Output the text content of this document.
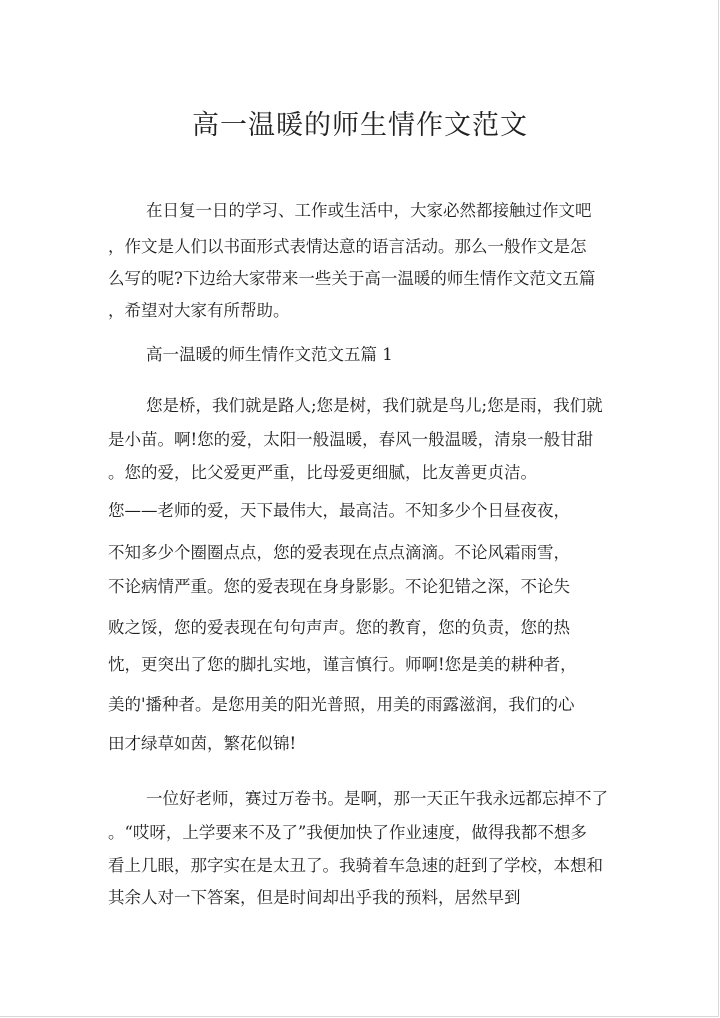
高一温暖的师生情作文范文
在日复一日的学习、工作或生活中，大家必然都接触过作文吧
，作文是人们以书面形式表情达意的语言活动。那么一般作文是怎
么写的呢?下边给大家带来一些关于高一温暖的师生情作文范文五篇
，希望对大家有所帮助。
高一温暖的师生情作文范文五篇 1
您是桥，我们就是路人;您是树，我们就是鸟儿;您是雨，我们就
是小苗。啊!您的爱，太阳一般温暖，春风一般温暖，清泉一般甘甜
。您的爱，比父爱更严重，比母爱更细腻，比友善更贞洁。
您——老师的爱，天下最伟大，最高洁。不知多少个日昼夜夜，
不知多少个圈圈点点，您的爱表现在点点滴滴。不论风霜雨雪，
不论病情严重。您的爱表现在身身影影。不论犯错之深，不论失
败之馁，您的爱表现在句句声声。您的教育，您的负责，您的热
忱，更突出了您的脚扎实地，谨言慎行。师啊!您是美的耕种者，
美的'播种者。是您用美的阳光普照，用美的雨露滋润，我们的心
田才绿草如茵，繁花似锦!
一位好老师，赛过万卷书。是啊，那一天正午我永远都忘掉不了
。“哎呀，上学要来不及了”我便加快了作业速度，做得我都不想多
看上几眼，那字实在是太丑了。我骑着车急速的赶到了学校，本想和
其余人对一下答案，但是时间却出乎我的预料，居然早到
